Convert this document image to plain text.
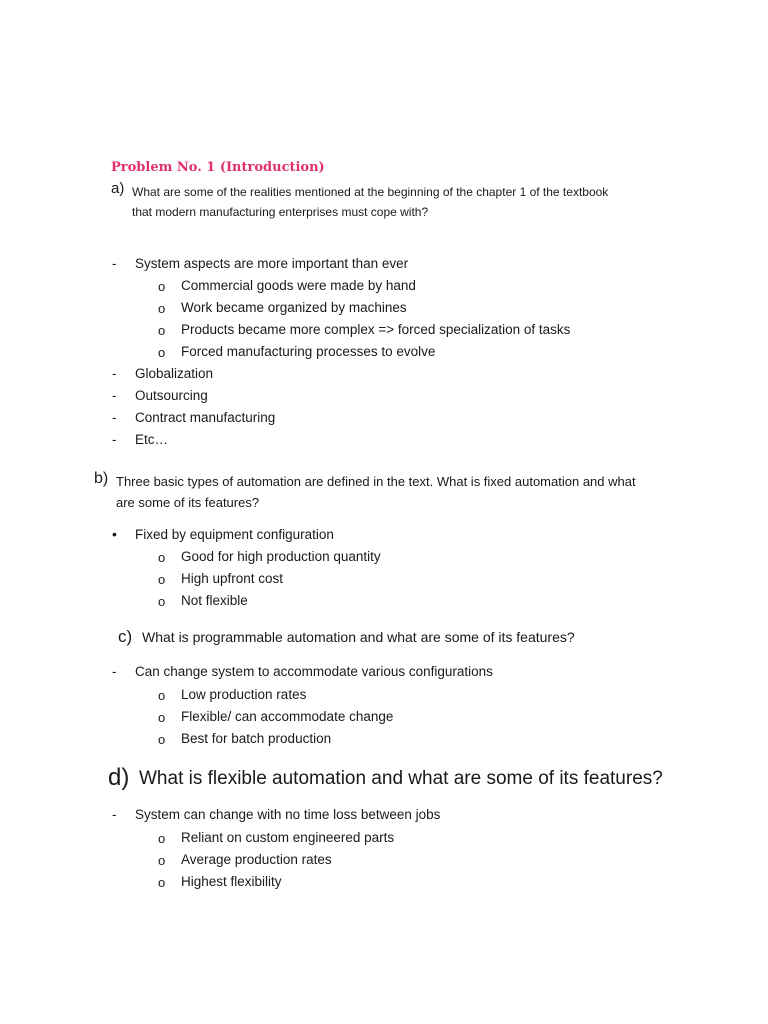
Problem No. 1 (Introduction)
a) What are some of the realities mentioned at the beginning of the chapter 1 of the textbook
that modern manufacturing enterprises must cope with?
- System aspects are more important than ever
o Commercial goods were made by hand
o Work became organized by machines
o Products became more complex => forced specialization of tasks
o Forced manufacturing processes to evolve
- Globalization
- Outsourcing
- Contract manufacturing
- Etc…
b) Three basic types of automation are defined in the text. What is fixed automation and what
are some of its features?
• Fixed by equipment configuration
o Good for high production quantity
o High upfront cost
o Not flexible
c) What is programmable automation and what are some of its features?
- Can change system to accommodate various configurations
o Low production rates
o Flexible/ can accommodate change
o Best for batch production
d) What is flexible automation and what are some of its features?
- System can change with no time loss between jobs
o Reliant on custom engineered parts
o Average production rates
o Highest flexibility
